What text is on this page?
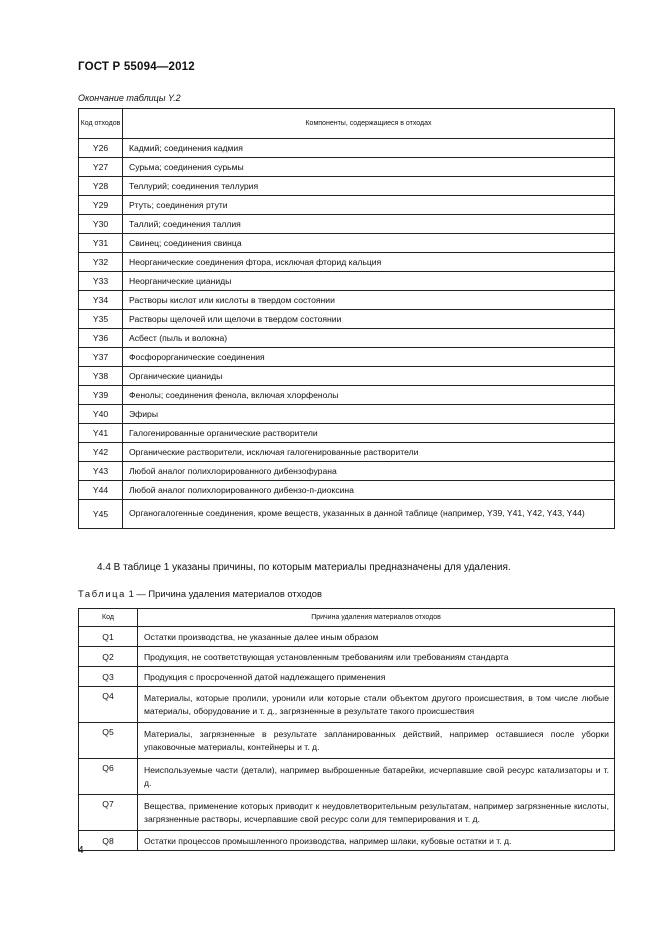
ГОСТ Р 55094—2012
Окончание таблицы Y.2
Код отходов	Компоненты, содержащиеся в отходах
Y26	Кадмий; соединения кадмия
Y27	Сурьма; соединения сурьмы
Y28	Теллурий; соединения теллурия
Y29	Ртуть; соединения ртути
Y30	Таллий; соединения таллия
Y31	Свинец; соединения свинца
Y32	Неорганические соединения фтора, исключая фторид кальция
Y33	Неорганические цианиды
Y34	Растворы кислот или кислоты в твердом состоянии
Y35	Растворы щелочей или щелочи в твердом состоянии
Y36	Асбест (пыль и волокна)
Y37	Фосфорорганические соединения
Y38	Органические цианиды
Y39	Фенолы; соединения фенола, включая хлорфенолы
Y40	Эфиры
Y41	Галогенированные органические растворители
Y42	Органические растворители, исключая галогенированные растворители
Y43	Любой аналог полихлорированного дибензофурана
Y44	Любой аналог полихлорированного дибензо-п-диоксина
Y45	Органогалогенные соединения, кроме веществ, указанных в данной таблице (например, Y39, Y41, Y42, Y43, Y44)
4.4 В таблице 1 указаны причины, по которым материалы предназначены для удаления.
Таблица 1 — Причина удаления материалов отходов
Код	Причина удаления материалов отходов
Q1	Остатки производства, не указанные далее иным образом
Q2	Продукция, не соответствующая установленным требованиям или требованиям стандарта
Q3	Продукция с просроченной датой надлежащего применения
Q4	Материалы, которые пролили, уронили или которые стали объектом другого происшествия, в том числе любые материалы, оборудование и т. д., загрязненные в результате такого происшествия
Q5	Материалы, загрязненные в результате запланированных действий, например оставшиеся после уборки упаковочные материалы, контейнеры и т. д.
Q6	Неиспользуемые части (детали), например выброшенные батарейки, исчерпавшие свой ресурс катализаторы и т. д.
Q7	Вещества, применение которых приводит к неудовлетворительным результатам, например загрязненные кислоты, загрязненные растворы, исчерпавшие свой ресурс соли для темперирования и т. д.
Q8	Остатки процессов промышленного производства, например шлаки, кубовые остатки и т. д.
4
